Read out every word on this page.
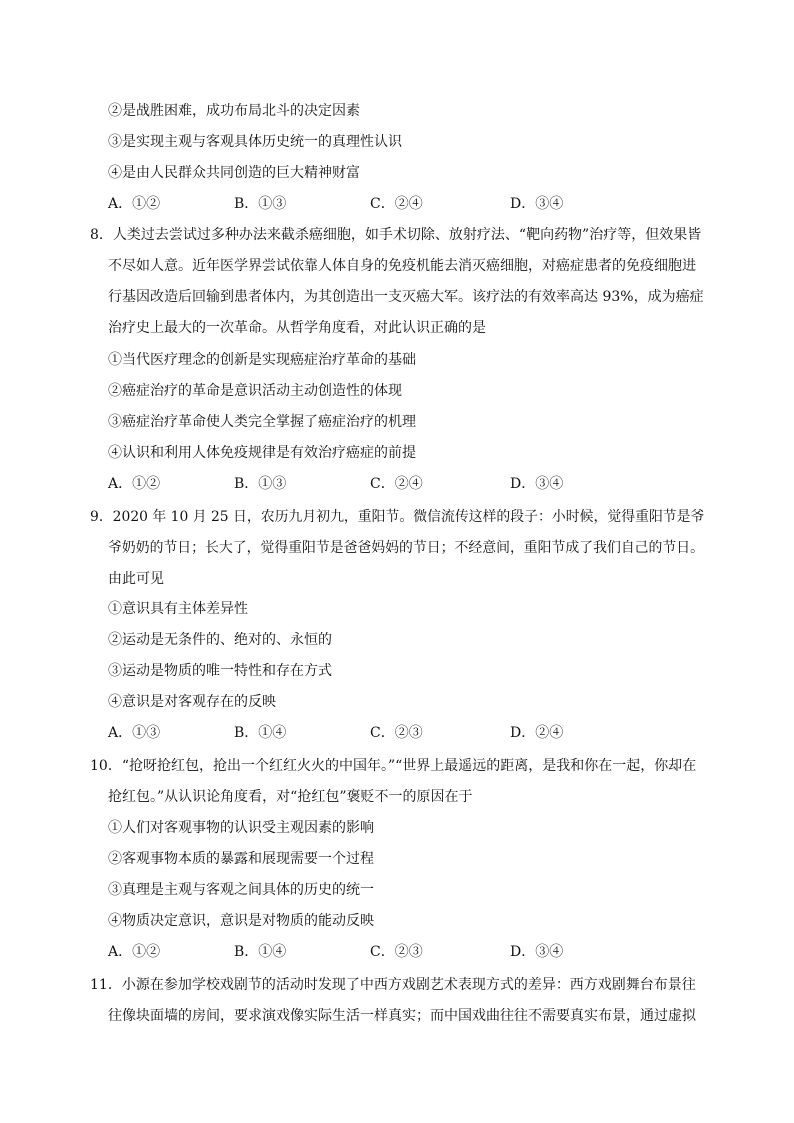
②是战胜困难，成功布局北斗的决定因素
③是实现主观与客观具体历史统一的真理性认识
④是由人民群众共同创造的巨大精神财富
A．①②	B．①③	C．②④	D．③④
8．人类过去尝试过多种办法来截杀癌细胞，如手术切除、放射疗法、“靶向药物”治疗等，但效果皆
不尽如人意。近年医学界尝试依靠人体自身的免疫机能去消灭癌细胞，对癌症患者的免疫细胞进
行基因改造后回输到患者体内，为其创造出一支灭癌大军。该疗法的有效率高达 93%，成为癌症
治疗史上最大的一次革命。从哲学角度看，对此认识正确的是
①当代医疗理念的创新是实现癌症治疗革命的基础
②癌症治疗的革命是意识活动主动创造性的体现
③癌症治疗革命使人类完全掌握了癌症治疗的机理
④认识和利用人体免疫规律是有效治疗癌症的前提
A．①②	B．①③	C．②④	D．③④
9．2020 年 10 月 25 日，农历九月初九，重阳节。微信流传这样的段子：小时候，觉得重阳节是爷
爷奶奶的节日；长大了，觉得重阳节是爸爸妈妈的节日；不经意间，重阳节成了我们自己的节日。
由此可见
①意识具有主体差异性
②运动是无条件的、绝对的、永恒的
③运动是物质的唯一特性和存在方式
④意识是对客观存在的反映
A．①③	B．①④	C．②③	D．②④
10．“抢呀抢红包，抢出一个红红火火的中国年。”“世界上最遥远的距离，是我和你在一起，你却在
抢红包。”从认识论角度看，对“抢红包”褒贬不一的原因在于
①人们对客观事物的认识受主观因素的影响
②客观事物本质的暴露和展现需要一个过程
③真理是主观与客观之间具体的历史的统一
④物质决定意识，意识是对物质的能动反映
A．①②	B．①④	C．②③	D．③④
11．小源在参加学校戏剧节的活动时发现了中西方戏剧艺术表现方式的差异：西方戏剧舞台布景往
往像块面墙的房间，要求演戏像实际生活一样真实；而中国戏曲往往不需要真实布景，通过虚拟
